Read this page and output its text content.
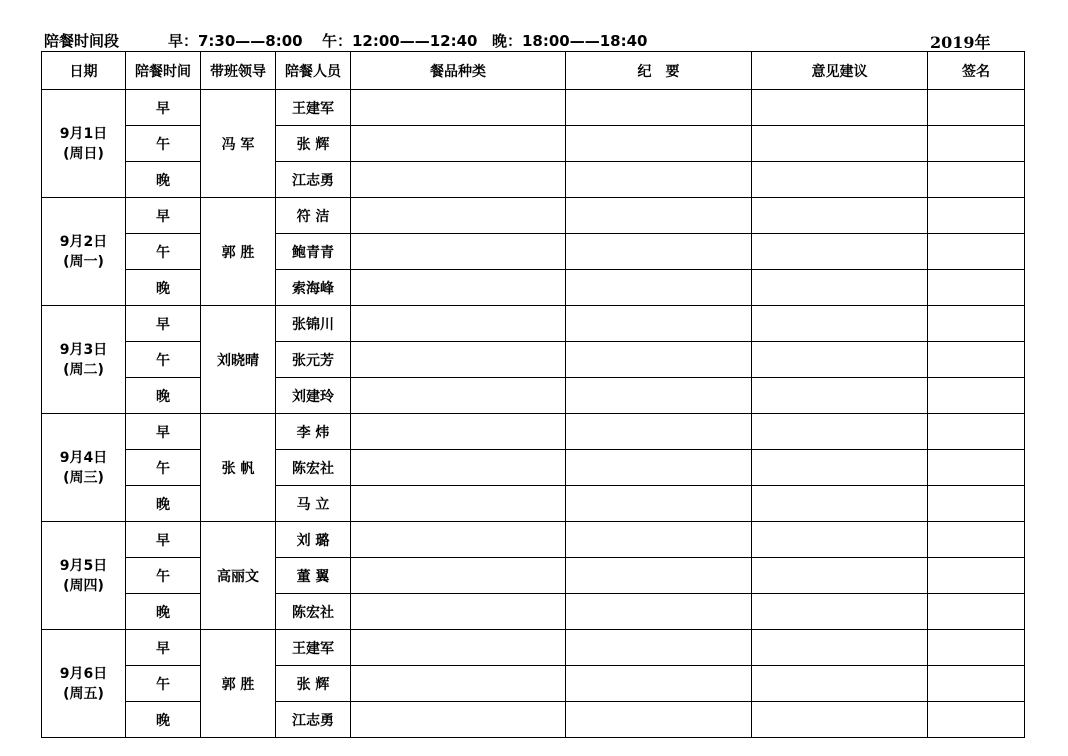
陪餐时间段	早：7:30——8:00 午：12:00——12:40 晚：18:00——18:40	2019年
日期	陪餐时间	带班领导	陪餐人员	餐品种类	纪　要	意见建议	签名

9月1日
(周日)	早	冯 军	王建军				
	午		张 辉				
	晚		江志勇				

9月2日
(周一)	早	郭 胜	符 洁				
	午		鲍青青				
	晚		索海峰				

9月3日
(周二)	早	刘晓晴	张锦川				
	午		张元芳				
	晚		刘建玲				

9月4日
(周三)	早	张 帆	李 炜				
	午		陈宏社				
	晚		马 立				

9月5日
(周四)	早	高丽文	刘 璐				
	午		董 翼				
	晚		陈宏社				

9月6日
(周五)	早	郭 胜	王建军				
	午		张 辉				
	晚		江志勇				
